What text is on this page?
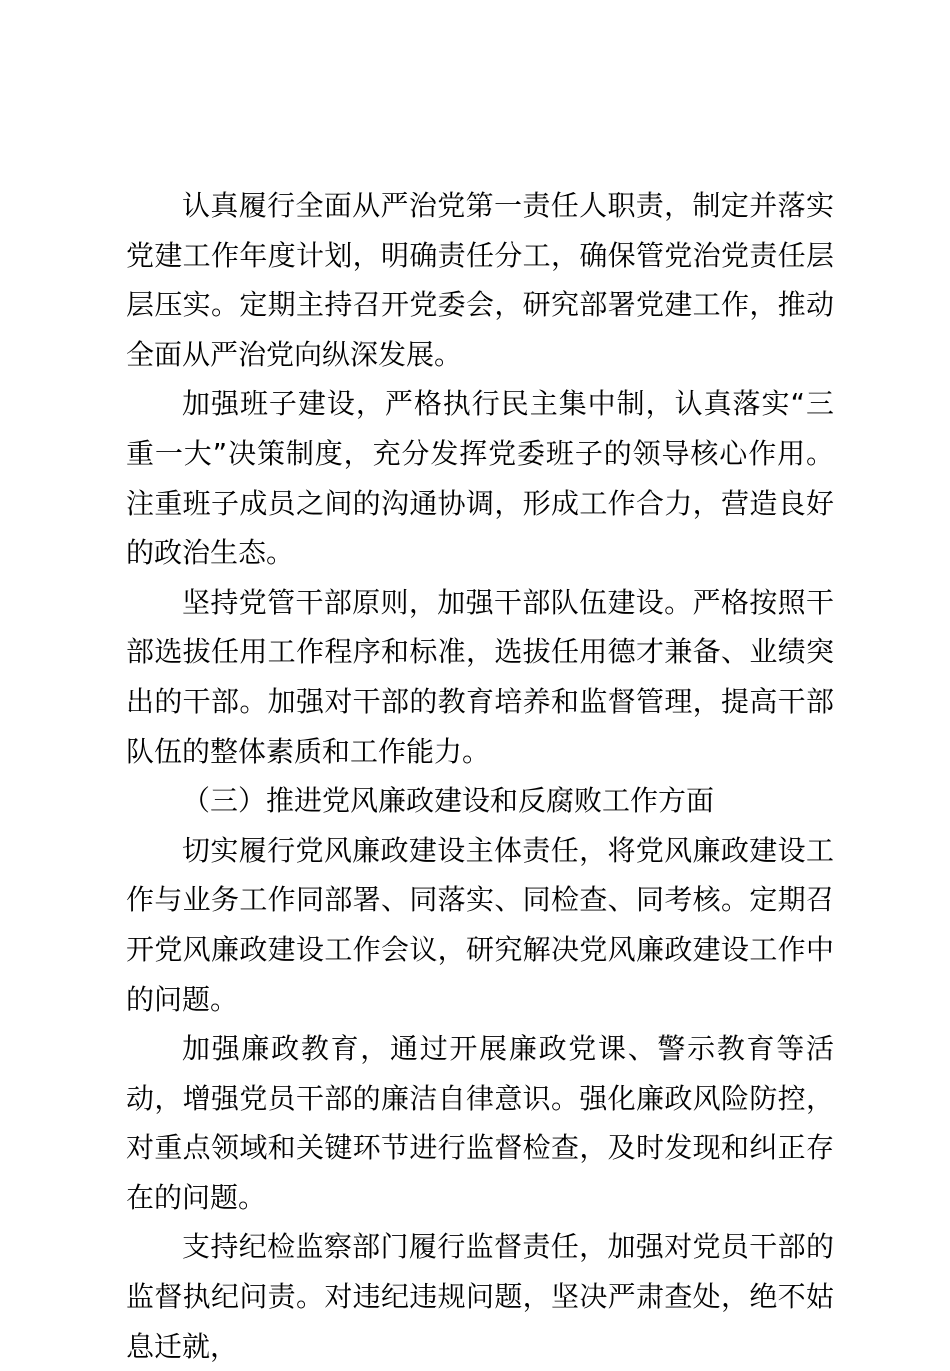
认真履行全面从严治党第一责任人职责，制定并落实党建工作年度计划，明确责任分工，确保管党治党责任层层压实。定期主持召开党委会，研究部署党建工作，推动全面从严治党向纵深发展。

加强班子建设，严格执行民主集中制，认真落实“三重一大”决策制度，充分发挥党委班子的领导核心作用。注重班子成员之间的沟通协调，形成工作合力，营造良好的政治生态。

坚持党管干部原则，加强干部队伍建设。严格按照干部选拔任用工作程序和标准，选拔任用德才兼备、业绩突出的干部。加强对干部的教育培养和监督管理，提高干部队伍的整体素质和工作能力。

（三）推进党风廉政建设和反腐败工作方面

切实履行党风廉政建设主体责任，将党风廉政建设工作与业务工作同部署、同落实、同检查、同考核。定期召开党风廉政建设工作会议，研究解决党风廉政建设工作中的问题。

加强廉政教育，通过开展廉政党课、警示教育等活动，增强党员干部的廉洁自律意识。强化廉政风险防控，对重点领域和关键环节进行监督检查，及时发现和纠正存在的问题。

支持纪检监察部门履行监督责任，加强对党员干部的监督执纪问责。对违纪违规问题，坚决严肃查处，绝不姑息迁就，
